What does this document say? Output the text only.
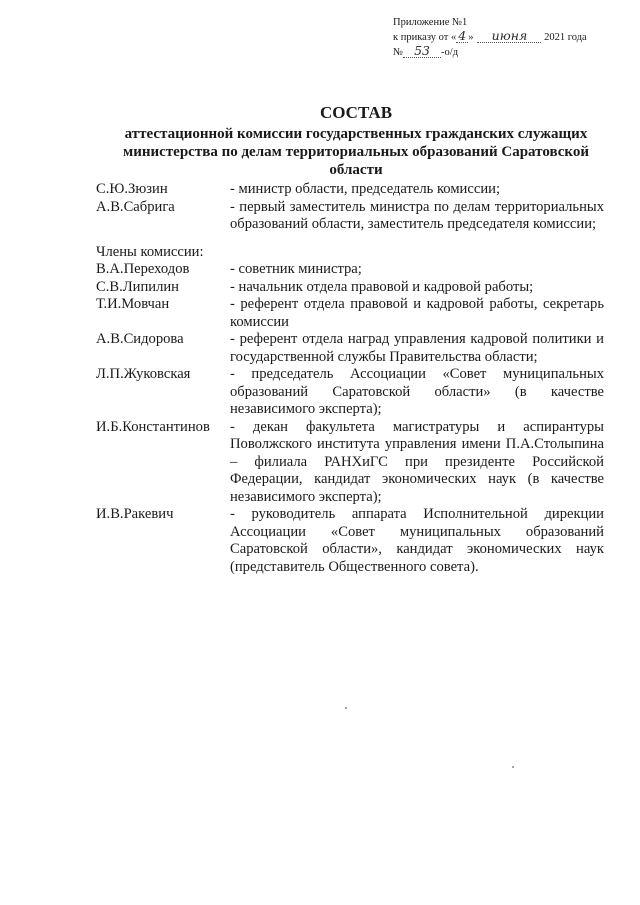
Приложение №1
к приказу от « 4 » июня 2021 года
№ 53 -о/д
СОСТАВ
аттестационной комиссии государственных гражданских служащих министерства по делам территориальных образований Саратовской области
С.Ю.Зюзин	- министр области, председатель комиссии;
А.В.Сабрига	- первый заместитель министра по делам территориальных образований области, заместитель председателя комиссии;
Члены комиссии:
В.А.Переходов	- советник министра;
С.В.Липилин	- начальник отдела правовой и кадровой работы;
Т.И.Мовчан	- референт отдела правовой и кадровой работы, секретарь комиссии
А.В.Сидорова	- референт отдела наград управления кадровой политики и государственной службы Правительства области;
Л.П.Жуковская	- председатель Ассоциации «Совет муниципальных образований Саратовской области» (в качестве независимого эксперта);
И.Б.Константинов	- декан факультета магистратуры и аспирантуры Поволжского института управления имени П.А.Столыпина – филиала РАНХиГС при президенте Российской Федерации, кандидат экономических наук (в качестве независимого эксперта);
И.В.Ракевич	- руководитель аппарата Исполнительной дирекции Ассоциации «Совет муниципальных образований Саратовской области», кандидат экономических наук (представитель Общественного совета).
